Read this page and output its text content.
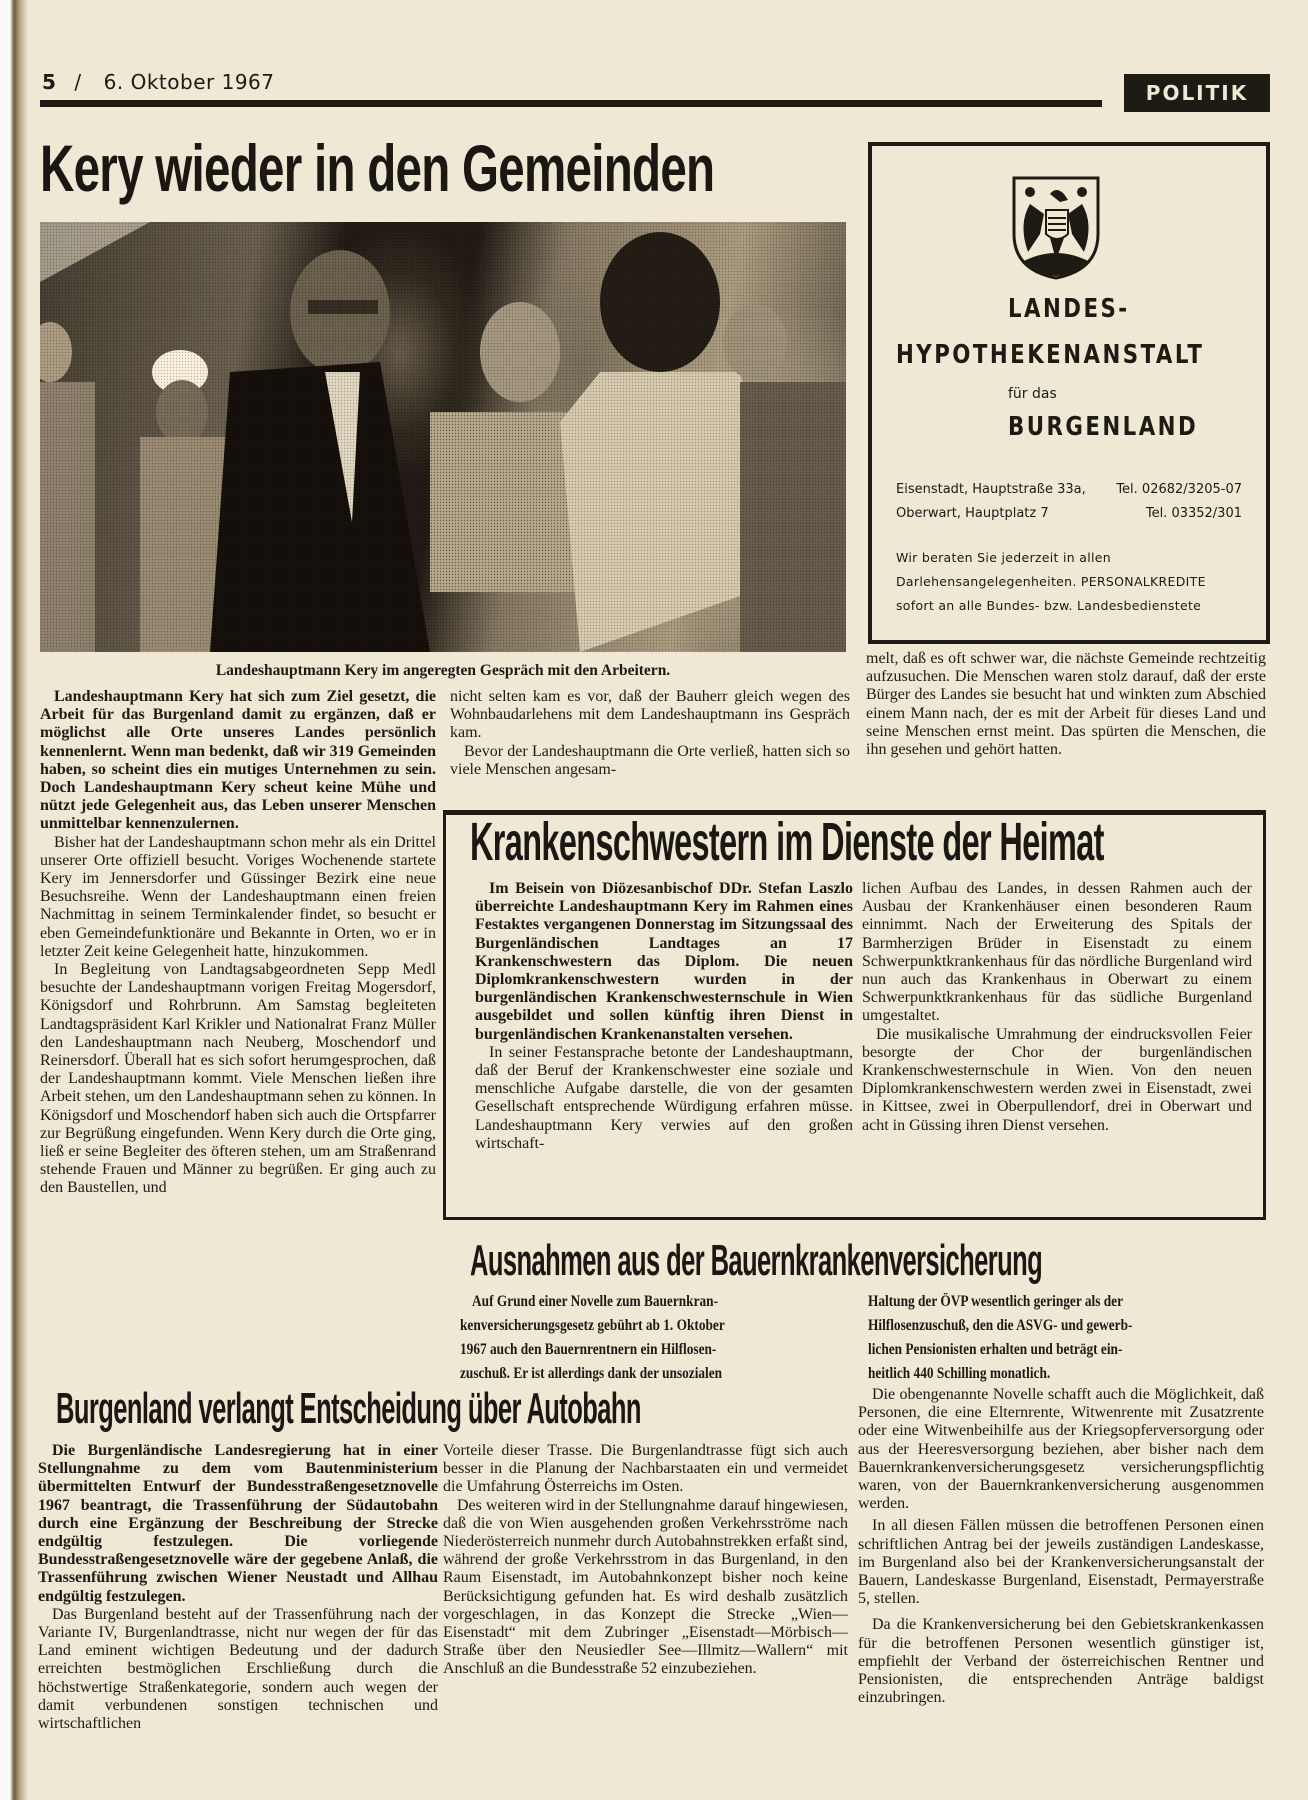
5 / 6. Oktober 1967	POLITIK
Kery wieder in den Gemeinden
Landeshauptmann Kery im angeregten Gespräch mit den Arbeitern.

Landeshauptmann Kery hat sich zum Ziel gesetzt, die Arbeit für das Burgenland damit zu ergänzen, daß er möglichst alle Orte unseres Landes persönlich kennenlernt. Wenn man bedenkt, daß wir 319 Gemeinden haben, so scheint dies ein mutiges Unternehmen zu sein. Doch Landeshauptmann Kery scheut keine Mühe und nützt jede Gelegenheit aus, das Leben unserer Menschen unmittelbar kennenzulernen.

Bisher hat der Landeshauptmann schon mehr als ein Drittel unserer Orte offiziell besucht. Voriges Wochenende startete Kery im Jennersdorfer und Güssinger Bezirk eine neue Besuchsreihe. Wenn der Landeshauptmann einen freien Nachmittag in seinem Terminkalender findet, so besucht er eben Gemeindefunktionäre und Bekannte in Orten, wo er in letzter Zeit keine Gelegenheit hatte, hinzukommen.

In Begleitung von Landtagsabgeordneten Sepp Medl besuchte der Landeshauptmann vorigen Freitag Mogersdorf, Königsdorf und Rohrbrunn. Am Samstag begleiteten Landtagspräsident Karl Krikler und Nationalrat Franz Müller den Landeshauptmann nach Neuberg, Moschendorf und Reinersdorf. Überall hat es sich sofort herumgesprochen, daß der Landeshauptmann kommt. Viele Menschen ließen ihre Arbeit stehen, um den Landeshauptmann sehen zu können. In Königsdorf und Moschendorf haben sich auch die Ortspfarrer zur Begrüßung eingefunden. Wenn Kery durch die Orte ging, ließ er seine Begleiter des öfteren stehen, um am Straßenrand stehende Frauen und Männer zu begrüßen. Er ging auch zu den Baustellen, und

nicht selten kam es vor, daß der Bauherr gleich wegen des Wohnbaudarlehens mit dem Landeshauptmann ins Gespräch kam.

Bevor der Landeshauptmann die Orte verließ, hatten sich so viele Menschen angesam-

melt, daß es oft schwer war, die nächste Gemeinde rechtzeitig aufzusuchen. Die Menschen waren stolz darauf, daß der erste Bürger des Landes sie besucht hat und winkten zum Abschied einem Mann nach, der es mit der Arbeit für dieses Land und seine Menschen ernst meint. Das spürten die Menschen, die ihn gesehen und gehört hatten.

LANDES-
HYPOTHEKENANSTALT
für das
BURGENLAND
Eisenstadt, Hauptstraße 33a, Tel. 02682/3205-07
Oberwart, Hauptplatz 7	Tel. 03352/301
Wir beraten Sie jederzeit in allen Darlehensangelegenheiten. PERSONALKREDITE sofort an alle Bundes- bzw. Landesbedienstete
Krankenschwestern im Dienste der Heimat

Im Beisein von Diözesanbischof DDr. Stefan Laszlo überreichte Landeshauptmann Kery im Rahmen eines Festaktes vergangenen Donnerstag im Sitzungssaal des Burgenländischen Landtages an 17 Krankenschwestern das Diplom. Die neuen Diplomkrankenschwestern wurden in der burgenländischen Krankenschwesternschule in Wien ausgebildet und sollen künftig ihren Dienst in burgenländischen Krankenanstalten versehen.

In seiner Festansprache betonte der Landeshauptmann, daß der Beruf der Krankenschwester eine soziale und menschliche Aufgabe darstelle, die von der gesamten Gesellschaft entsprechende Würdigung erfahren müsse. Landeshauptmann Kery verwies auf den großen wirtschaft-

lichen Aufbau des Landes, in dessen Rahmen auch der Ausbau der Krankenhäuser einen besonderen Raum einnimmt. Nach der Erweiterung des Spitals der Barmherzigen Brüder in Eisenstadt zu einem Schwerpunktkrankenhaus für das nördliche Burgenland wird nun auch das Krankenhaus in Oberwart zu einem Schwerpunktkrankenhaus für das südliche Burgenland umgestaltet.

Die musikalische Umrahmung der eindrucksvollen Feier besorgte der Chor der burgenländischen Krankenschwesternschule in Wien. Von den neuen Diplomkrankenschwestern werden zwei in Eisenstadt, zwei in Kittsee, zwei in Oberpullendorf, drei in Oberwart und acht in Güssing ihren Dienst versehen.

Ausnahmen aus der Bauernkrankenversicherung
Auf Grund einer Novelle zum Bauernkran-
kenversicherungsgesetz gebührt ab 1. Oktober
1967 auch den Bauernrentnern ein Hilflosen-
zuschuß. Er ist allerdings dank der unsozialen
Haltung der ÖVP wesentlich geringer als der
Hilflosenzuschuß, den die ASVG- und gewerb-
lichen Pensionisten erhalten und beträgt ein-
heitlich 440 Schilling monatlich.

Die obengenannte Novelle schafft auch die Möglichkeit, daß Personen, die eine Elternrente, Witwenrente mit Zusatzrente oder eine Witwenbeihilfe aus der Kriegsopferversorgung oder aus der Heeresversorgung beziehen, aber bisher nach dem Bauernkrankenversicherungsgesetz versicherungspflichtig waren, von der Bauernkrankenversicherung ausgenommen werden.

In all diesen Fällen müssen die betroffenen Personen einen schriftlichen Antrag bei der jeweils zuständigen Landeskasse, im Burgenland also bei der Krankenversicherungsanstalt der Bauern, Landeskasse Burgenland, Eisenstadt, Permayerstraße 5, stellen.

Da die Krankenversicherung bei den Gebietskrankenkassen für die betroffenen Personen wesentlich günstiger ist, empfiehlt der Verband der österreichischen Rentner und Pensionisten, die entsprechenden Anträge baldigst einzubringen.

Burgenland verlangt Entscheidung über Autobahn

Die Burgenländische Landesregierung hat in einer Stellungnahme zu dem vom Bautenministerium übermittelten Entwurf der Bundesstraßengesetznovelle 1967 beantragt, die Trassenführung der Südautobahn durch eine Ergänzung der Beschreibung der Strecke endgültig festzulegen. Die vorliegende Bundesstraßengesetznovelle wäre der gegebene Anlaß, die Trassenführung zwischen Wiener Neustadt und Allhau endgültig festzulegen.

Das Burgenland besteht auf der Trassenführung nach der Variante IV, Burgenlandtrasse, nicht nur wegen der für das Land eminent wichtigen Bedeutung und der dadurch erreichten bestmöglichen Erschließung durch die höchstwertige Straßenkategorie, sondern auch wegen der damit verbundenen sonstigen technischen und wirtschaftlichen

Vorteile dieser Trasse. Die Burgenlandtrasse fügt sich auch besser in die Planung der Nachbarstaaten ein und vermeidet die Umfahrung Österreichs im Osten.

Des weiteren wird in der Stellungnahme darauf hingewiesen, daß die von Wien ausgehenden großen Verkehrsströme nach Niederösterreich nunmehr durch Autobahnstrekken erfaßt sind, während der große Verkehrsstrom in das Burgenland, in den Raum Eisenstadt, im Autobahnkonzept bisher noch keine Berücksichtigung gefunden hat. Es wird deshalb zusätzlich vorgeschlagen, in das Konzept die Strecke „Wien—Eisenstadt“ mit dem Zubringer „Eisenstadt—Mörbisch—Straße über den Neusiedler See—Illmitz—Wallern“ mit Anschluß an die Bundesstraße 52 einzubeziehen.
